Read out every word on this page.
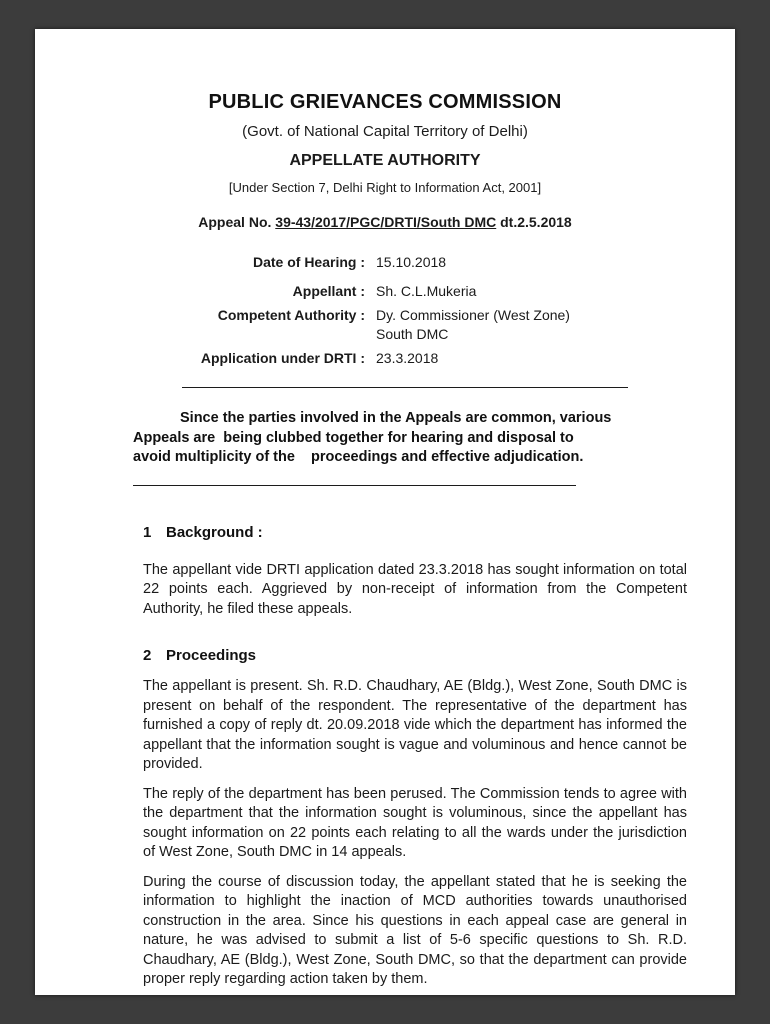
PUBLIC GRIEVANCES COMMISSION
(Govt. of National Capital Territory of Delhi)
APPELLATE AUTHORITY
[Under Section 7, Delhi Right to Information Act, 2001]
Appeal No. 39-43/2017/PGC/DRTI/South DMC dt.2.5.2018
Date of Hearing : 15.10.2018
Appellant : Sh. C.L.Mukeria
Competent Authority : Dy. Commissioner (West Zone)
South DMC
Application under DRTI : 23.3.2018
Since the parties involved in the Appeals are common, various
Appeals are  being clubbed together for hearing and disposal to
avoid multiplicity of the    proceedings and effective adjudication.
1 Background :

The appellant vide DRTI application dated 23.3.2018 has sought information on total 22 points each. Aggrieved by non-receipt of information from the Competent Authority, he filed these appeals.

2 Proceedings

The appellant is present. Sh. R.D. Chaudhary, AE (Bldg.), West Zone, South DMC is present on behalf of the respondent. The representative of the department has furnished a copy of reply dt. 20.09.2018 vide which the department has informed the appellant that the information sought is vague and voluminous and hence cannot be provided.

The reply of the department has been perused. The Commission tends to agree with the department that the information sought is voluminous, since the appellant has sought information on 22 points each relating to all the wards under the jurisdiction of West Zone, South DMC in 14 appeals.

During the course of discussion today, the appellant stated that he is seeking the information to highlight the inaction of MCD authorities towards unauthorised construction in the area. Since his questions in each appeal case are general in nature, he was advised to submit a list of 5-6 specific questions to Sh. R.D. Chaudhary, AE (Bldg.), West Zone, South DMC, so that the department can provide proper reply regarding action taken by them.
